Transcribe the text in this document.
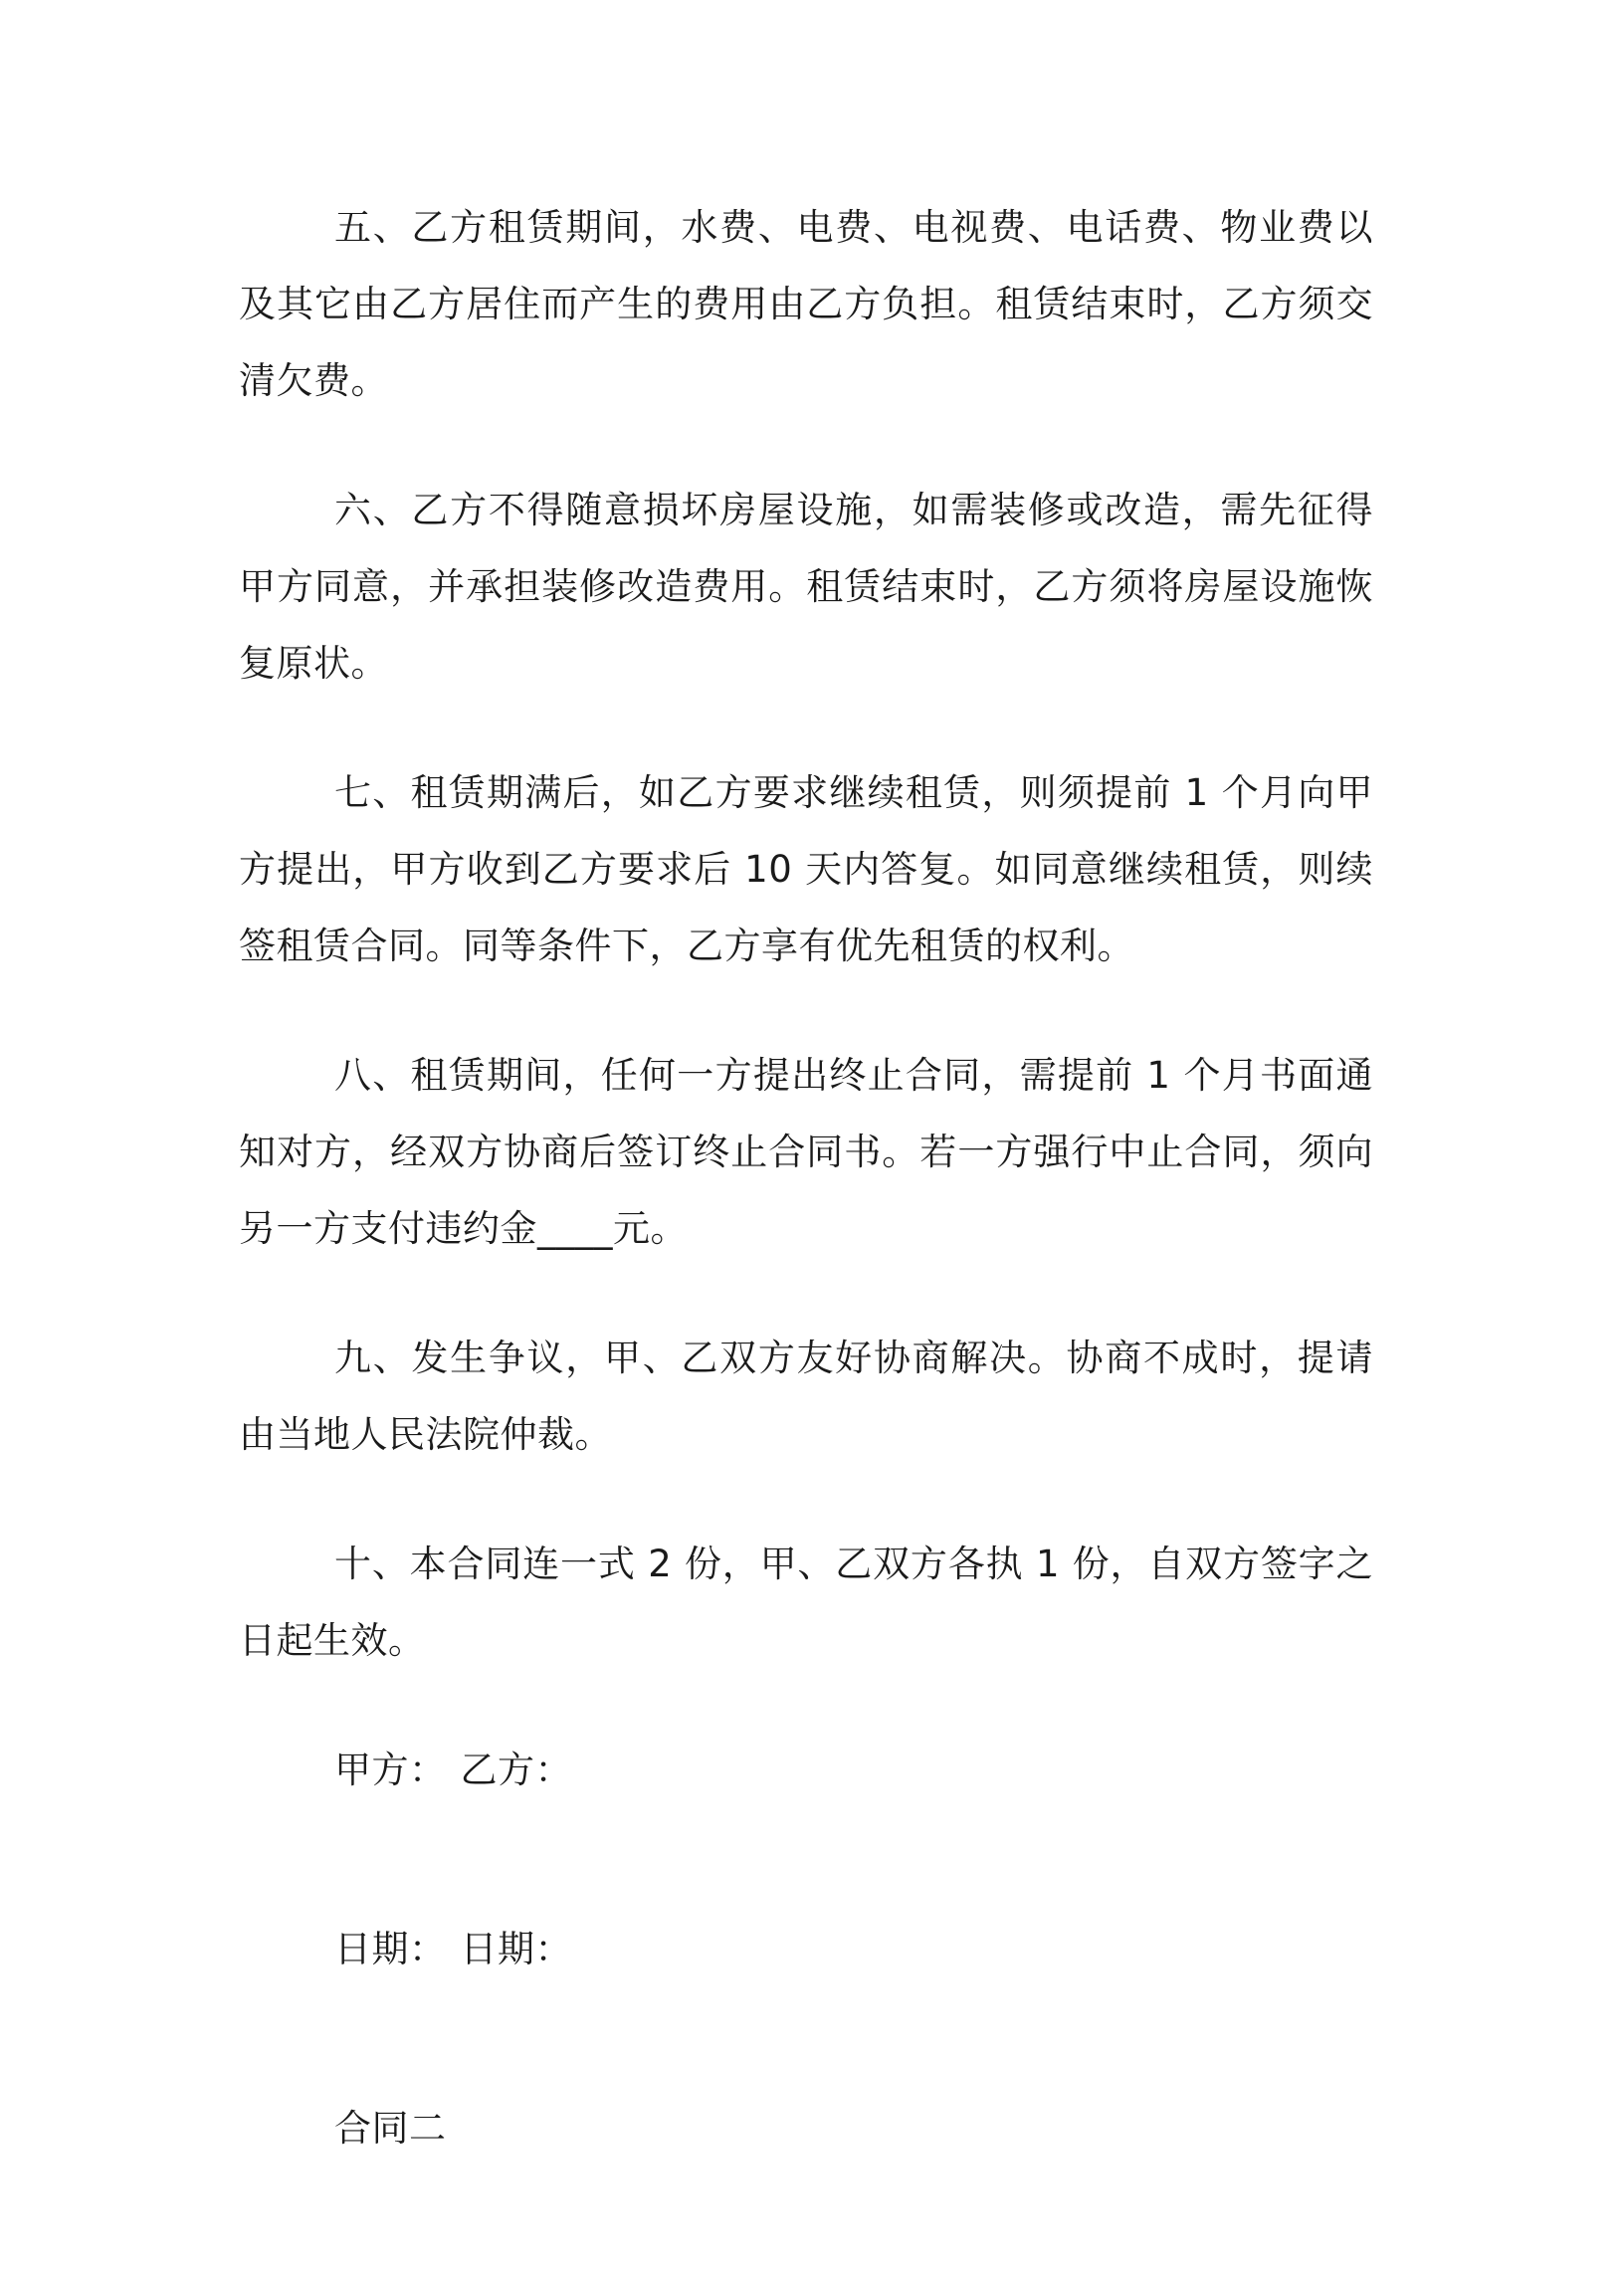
五、乙方租赁期间，水费、电费、电视费、电话费、物业费以及其它由乙方居住而产生的费用由乙方负担。租赁结束时，乙方须交清欠费。

六、乙方不得随意损坏房屋设施，如需装修或改造，需先征得甲方同意，并承担装修改造费用。租赁结束时，乙方须将房屋设施恢复原状。

七、租赁期满后，如乙方要求继续租赁，则须提前 1 个月向甲方提出，甲方收到乙方要求后 10 天内答复。如同意继续租赁，则续签租赁合同。同等条件下，乙方享有优先租赁的权利。

八、租赁期间，任何一方提出终止合同，需提前 1 个月书面通知对方，经双方协商后签订终止合同书。若一方强行中止合同，须向另一方支付违约金____元。

九、发生争议，甲、乙双方友好协商解决。协商不成时，提请由当地人民法院仲裁。

十、本合同连一式 2 份，甲、乙双方各执 1 份，自双方签字之日起生效。

甲方： 乙方：

日期： 日期：

合同二
